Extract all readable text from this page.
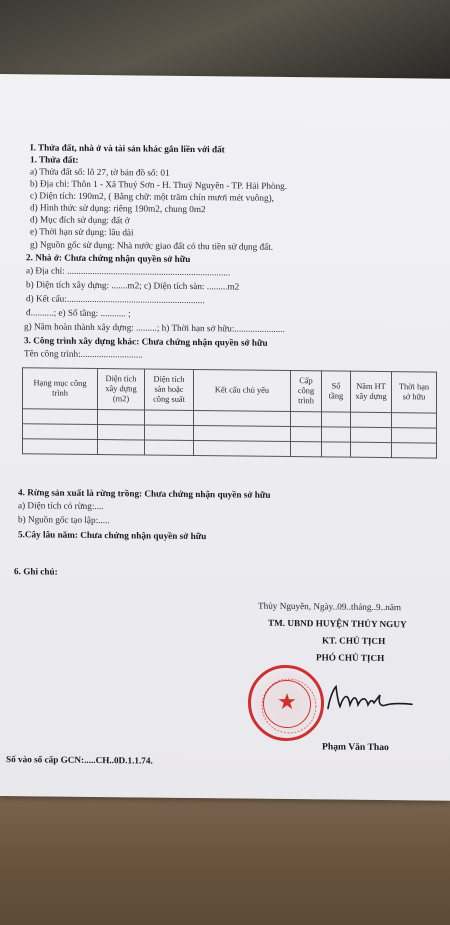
I. Thửa đất, nhà ở và tài sản khác gắn liền với đất
1. Thửa đất:
a) Thửa đất số: lô 27, tờ bản đồ số: 01
b) Địa chỉ: Thôn 1 - Xã Thuỷ Sơn - H. Thuỷ Nguyên - TP. Hải Phòng.
c) Diện tích: 190m2, ( Bằng chữ: một trăm chín mươi mét vuông),
d) Hình thức sử dụng: riêng 190m2, chung 0m2
d) Mục đích sử dụng: đất ở
e) Thời hạn sử dụng: lâu dài
g) Nguồn gốc sử dụng: Nhà nước giao đất có thu tiền sử dụng đất.
2. Nhà ở: Chưa chứng nhận quyền sở hữu
a) Địa chỉ: .......................................................................
b) Diện tích xây dựng: .......m2; c) Diện tích sàn: .........m2
d) Kết cấu:............................................................
đ..........; e) Số tầng: ........... ;
g) Năm hoàn thành xây dựng: .........; h) Thời hạn sở hữu:......................
3. Công trình xây dựng khác: Chưa chứng nhận quyền sở hữu
Tên công trình:...........................
Hạng mục công trình	Diện tích xây dựng (m2)	Diện tích sàn hoặc công suất	Kết cấu chủ yếu	Cấp công trình	Số tầng	Năm HT xây dựng	Thời hạn sở hữu

4. Rừng sản xuất là rừng trồng: Chưa chứng nhận quyền sở hữu
a) Diện tích có rừng:....
b) Nguồn gốc tạo lập:.....
5.Cây lâu năm: Chưa chứng nhận quyền sở hữu
6. Ghi chú:
Thủy Nguyên, Ngày..09..tháng..9..năm
TM. UBND HUYỆN THỦY NGUY
KT. CHỦ TỊCH
PHÓ CHỦ TỊCH
★
Phạm Văn Thao
Số vào sổ cấp GCN:.....CH..0D.1.1.74.
